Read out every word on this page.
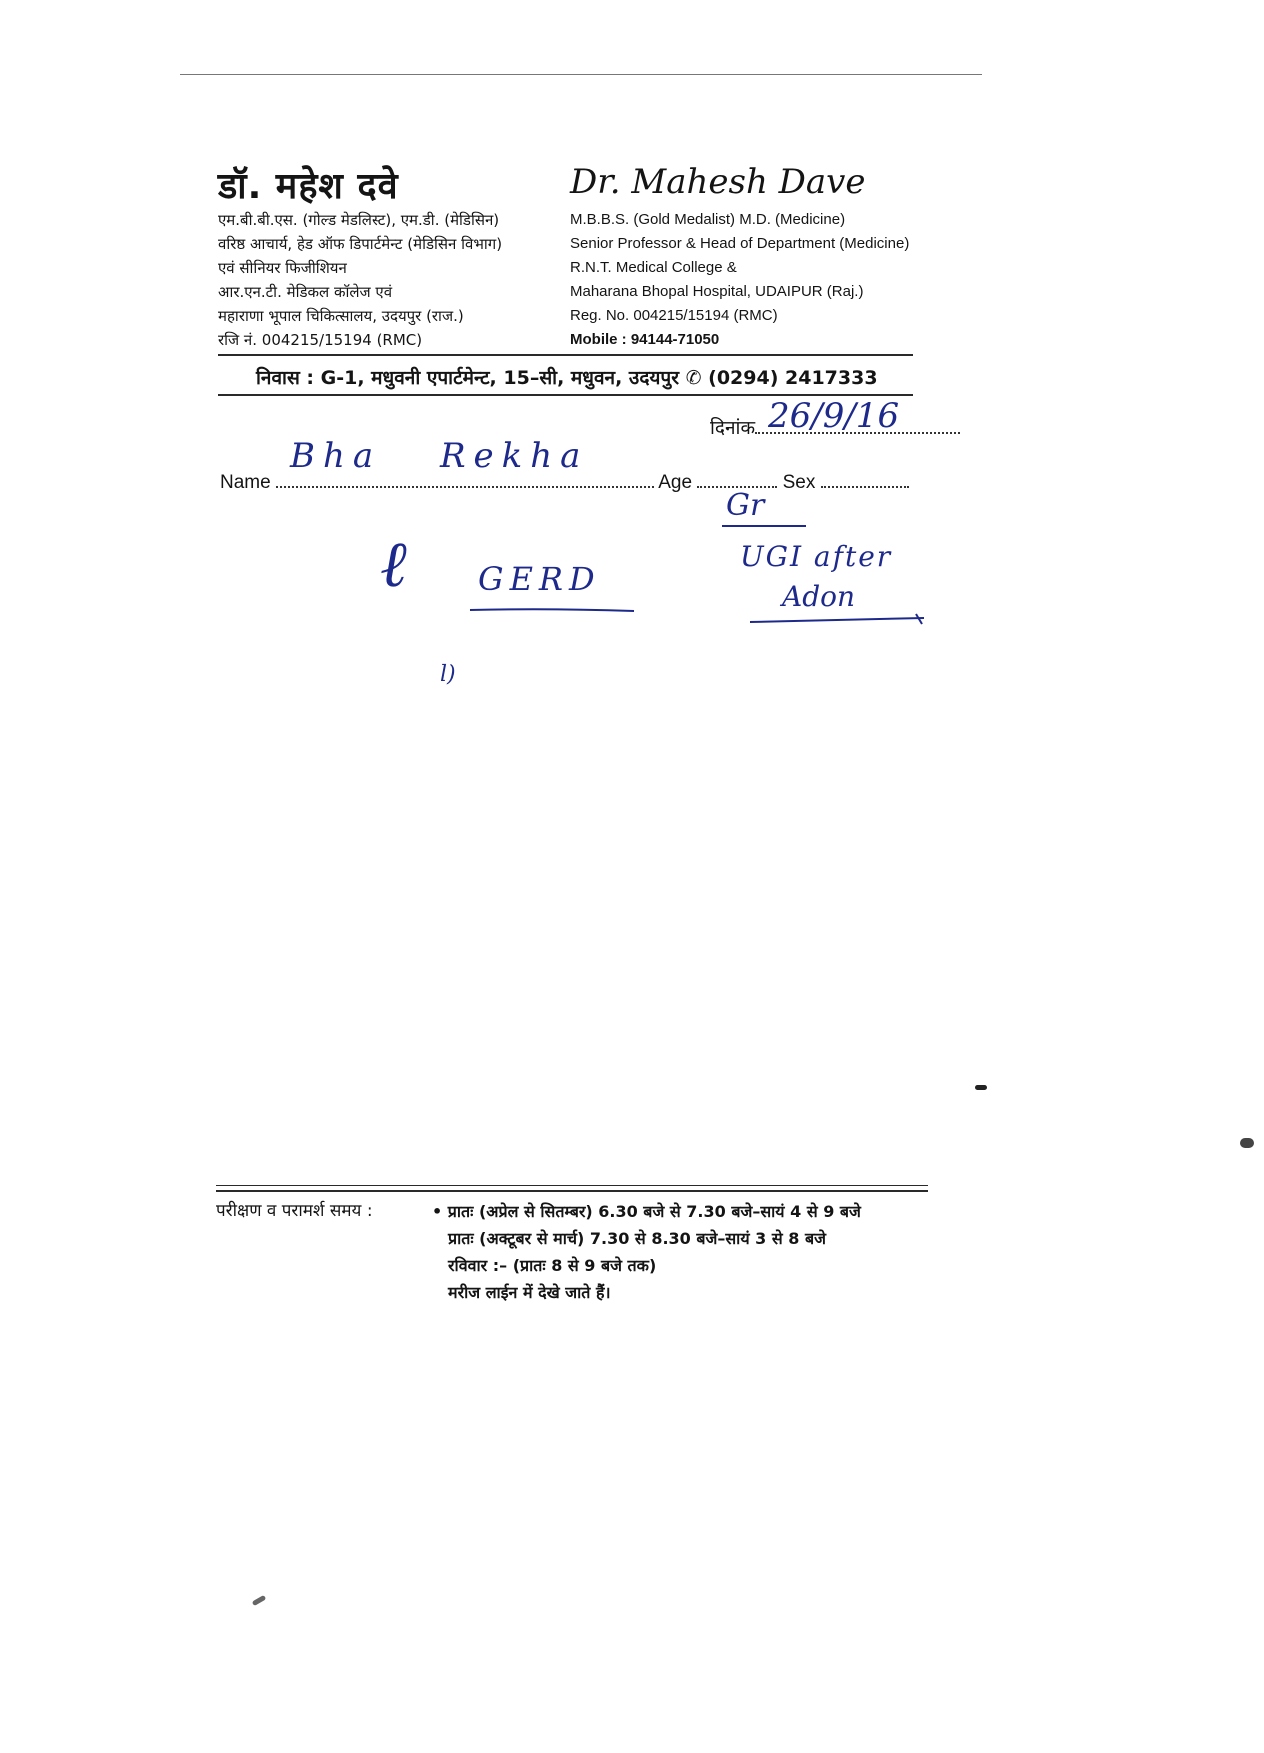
डॉ. महेश दवे
एम.बी.बी.एस. (गोल्ड मेडलिस्ट), एम.डी. (मेडिसिन)
वरिष्ठ आचार्य, हेड ऑफ डिपार्टमेन्ट (मेडिसिन विभाग)
एवं सीनियर फिजीशियन
आर.एन.टी. मेडिकल कॉलेज एवं
महाराणा भूपाल चिकित्सालय, उदयपुर (राज.)
रजि नं. 004215/15194 (RMC)
Dr. Mahesh Dave
M.B.B.S. (Gold Medalist) M.D. (Medicine)
Senior Professor & Head of Department (Medicine)
R.N.T. Medical College &
Maharana Bhopal Hospital, UDAIPUR (Raj.)
Reg. No. 004215/15194 (RMC)
Mobile : 94144-71050
निवास : G-1, मधुवनी एपार्टमेन्ट, 15–सी, मधुवन, उदयपुर ✆ (0294) 2417333
दिनांक 26/9/16
Name	Age	Sex
Bha Rekha
ℓ GERD
Gr
UGI after
Adon
l)
परीक्षण व परामर्श समय :	• प्रातः (अप्रेल से सितम्बर) 6.30 बजे से 7.30 बजे–सायं 4 से 9 बजे
प्रातः (अक्टूबर से मार्च) 7.30 से 8.30 बजे–सायं 3 से 8 बजे
रविवार :– (प्रातः 8 से 9 बजे तक)
मरीज लाईन में देखे जाते हैं।
